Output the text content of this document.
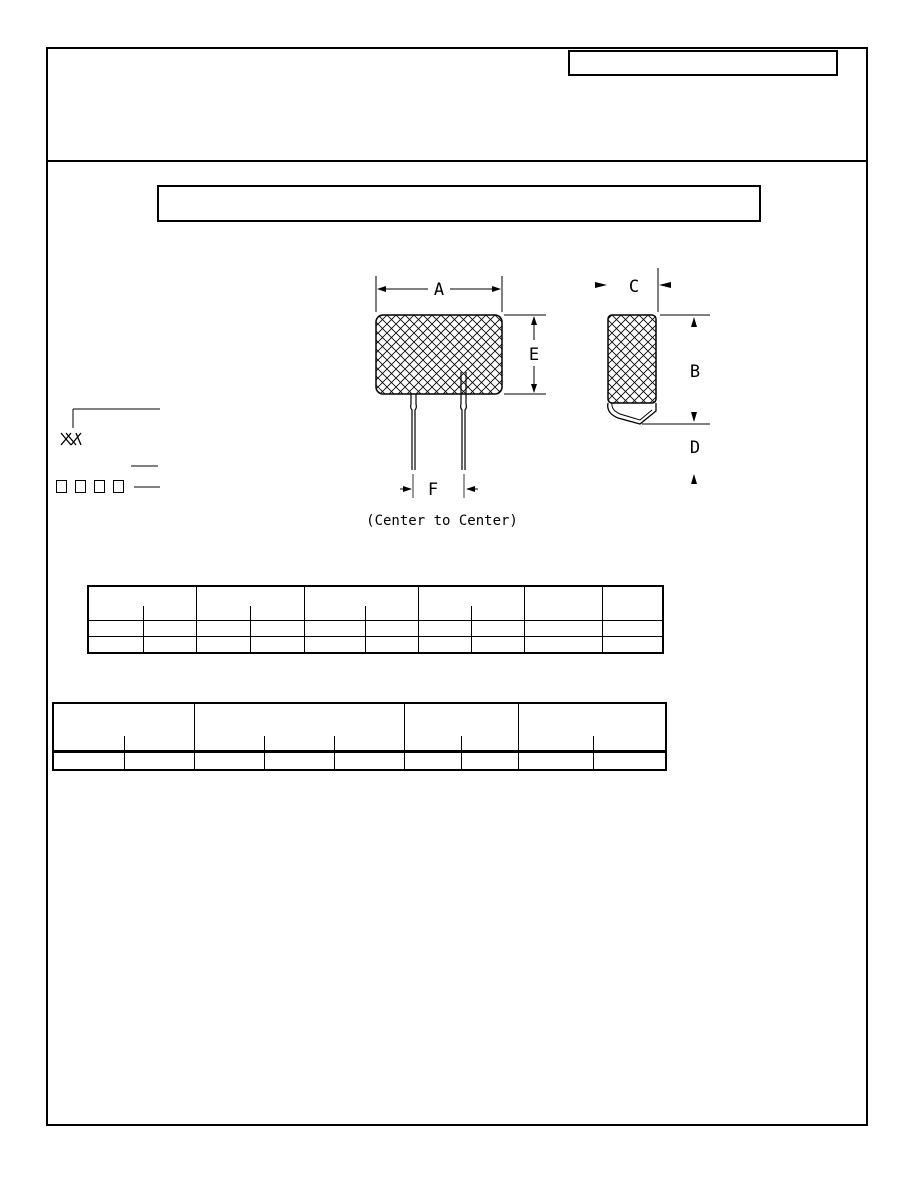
A
E
F
(Center to Center)
C
B
D
